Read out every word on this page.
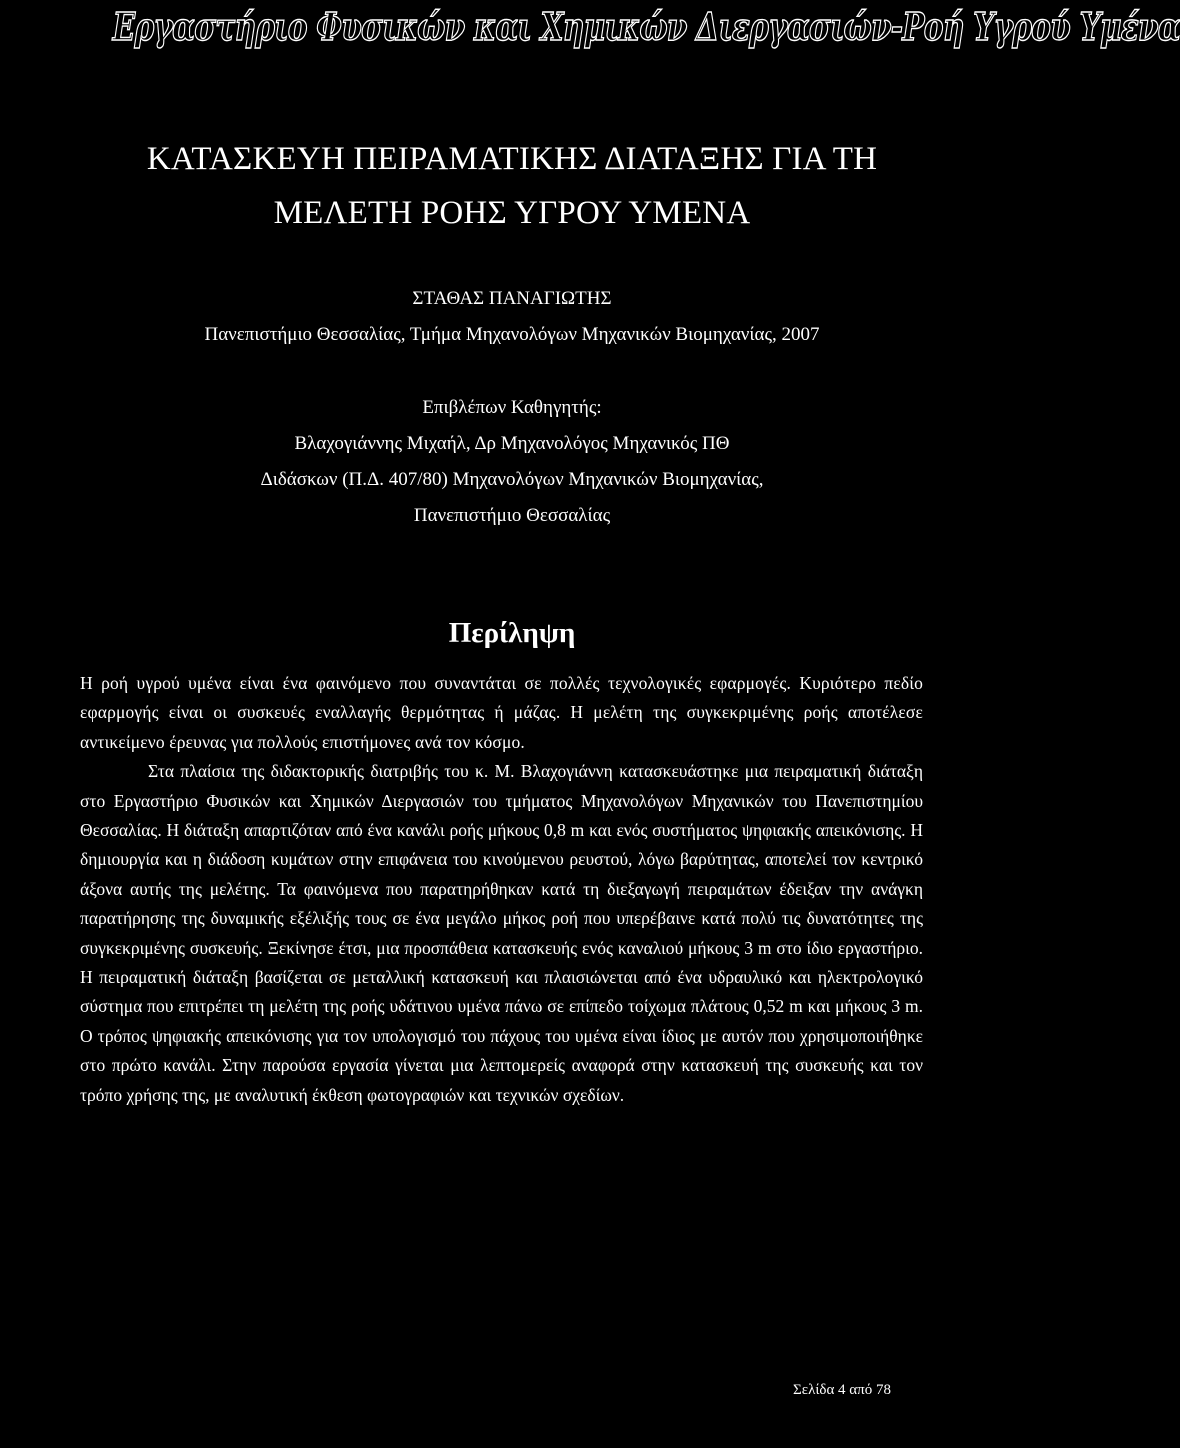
Εργαστήριο Φυσικών και Χημικών Διεργασιών-Ροή Υγρού Υμένα
ΚΑΤΑΣΚΕΥΗ ΠΕΙΡΑΜΑΤΙΚΗΣ ΔΙΑΤΑΞΗΣ ΓΙΑ ΤΗ
ΜΕΛΕΤΗ ΡΟΗΣ ΥΓΡΟΥ ΥΜΕΝΑ
ΣΤΑΘΑΣ ΠΑΝΑΓΙΩΤΗΣ
Πανεπιστήμιο Θεσσαλίας, Τμήμα Μηχανολόγων Μηχανικών Βιομηχανίας, 2007
Επιβλέπων Καθηγητής:
Βλαχογιάννης Μιχαήλ, Δρ Μηχανολόγος Μηχανικός ΠΘ
Διδάσκων (Π.Δ. 407/80) Μηχανολόγων Μηχανικών Βιομηχανίας,
Πανεπιστήμιο Θεσσαλίας
Περίληψη

Η ροή υγρού υμένα είναι ένα φαινόμενο που συναντάται σε πολλές τεχνολογικές εφαρμογές. Κυριότερο πεδίο εφαρμογής είναι οι συσκευές εναλλαγής θερμότητας ή μάζας. Η μελέτη της συγκεκριμένης ροής αποτέλεσε αντικείμενο έρευνας για πολλούς επιστήμονες ανά τον κόσμο.

Στα πλαίσια της διδακτορικής διατριβής του κ. Μ. Βλαχογιάννη κατασκευάστηκε μια πειραματική διάταξη στο Εργαστήριο Φυσικών και Χημικών Διεργασιών του τμήματος Μηχανολόγων Μηχανικών του Πανεπιστημίου Θεσσαλίας. Η διάταξη απαρτιζόταν από ένα κανάλι ροής μήκους 0,8 m και ενός συστήματος ψηφιακής απεικόνισης. Η δημιουργία και η διάδοση κυμάτων στην επιφάνεια του κινούμενου ρευστού, λόγω βαρύτητας, αποτελεί τον κεντρικό άξονα αυτής της μελέτης. Τα φαινόμενα που παρατηρήθηκαν κατά τη διεξαγωγή πειραμάτων έδειξαν την ανάγκη παρατήρησης της δυναμικής εξέλιξής τους σε ένα μεγάλο μήκος ροή που υπερέβαινε κατά πολύ τις δυνατότητες της συγκεκριμένης συσκευής. Ξεκίνησε έτσι, μια προσπάθεια κατασκευής ενός καναλιού μήκους 3 m στο ίδιο εργαστήριο. Η πειραματική διάταξη βασίζεται σε μεταλλική κατασκευή και πλαισιώνεται από ένα υδραυλικό και ηλεκτρολογικό σύστημα που επιτρέπει τη μελέτη της ροής υδάτινου υμένα πάνω σε επίπεδο τοίχωμα πλάτους 0,52 m και μήκους 3 m. Ο τρόπος ψηφιακής απεικόνισης για τον υπολογισμό του πάχους του υμένα είναι ίδιος με αυτόν που χρησιμοποιήθηκε στο πρώτο κανάλι. Στην παρούσα εργασία γίνεται μια λεπτομερείς αναφορά στην κατασκευή της συσκευής και τον τρόπο χρήσης της, με αναλυτική έκθεση φωτογραφιών και τεχνικών σχεδίων.

Σελίδα 4 από 78
